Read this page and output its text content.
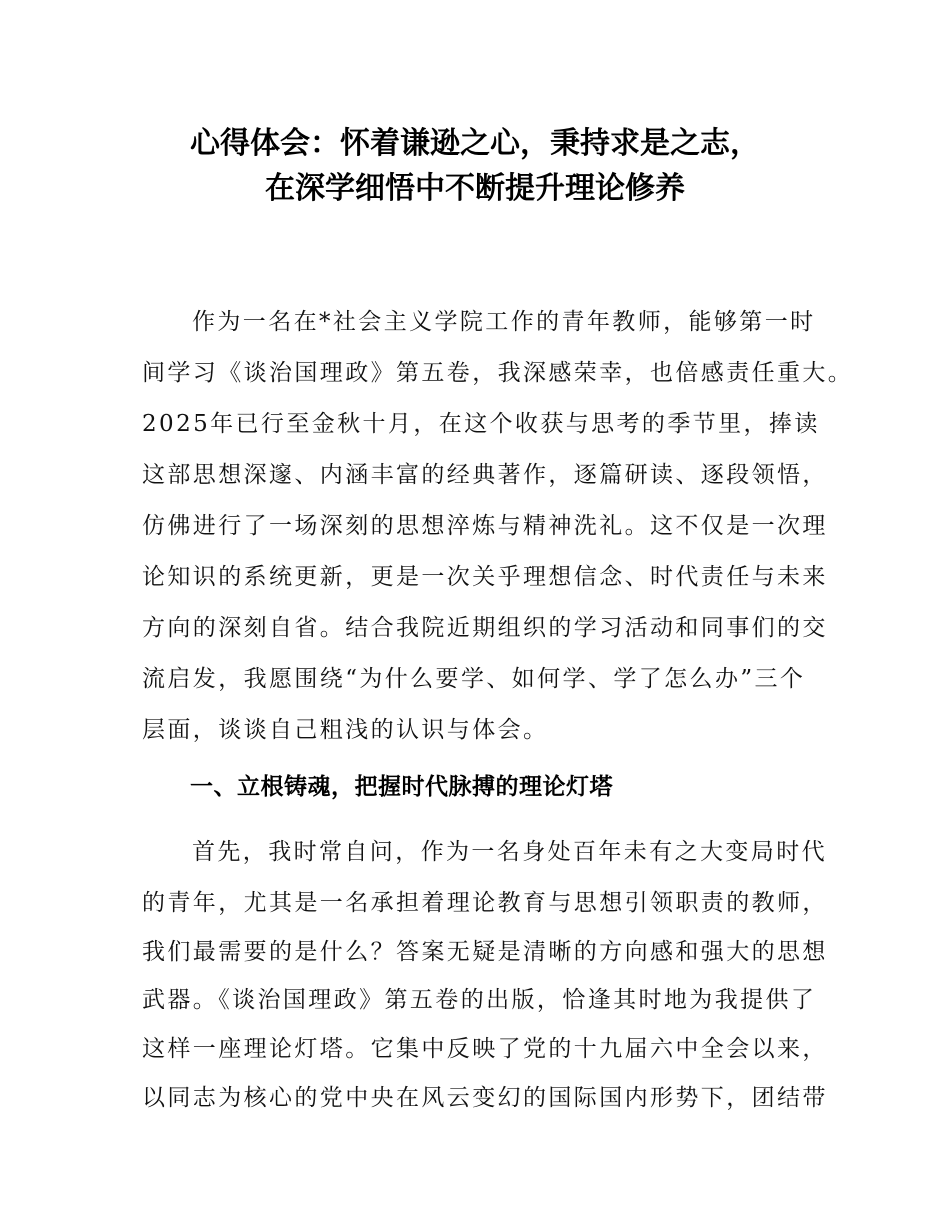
心得体会：怀着谦逊之心，秉持求是之志，
在深学细悟中不断提升理论修养
作为一名在*社会主义学院工作的青年教师，能够第一时
间学习《谈治国理政》第五卷，我深感荣幸，也倍感责任重大。
2025年已行至金秋十月，在这个收获与思考的季节里，捧读
这部思想深邃、内涵丰富的经典著作，逐篇研读、逐段领悟，
仿佛进行了一场深刻的思想淬炼与精神洗礼。这不仅是一次理
论知识的系统更新，更是一次关乎理想信念、时代责任与未来
方向的深刻自省。结合我院近期组织的学习活动和同事们的交
流启发，我愿围绕“为什么要学、如何学、学了怎么办”三个
层面，谈谈自己粗浅的认识与体会。
一、立根铸魂，把握时代脉搏的理论灯塔
首先，我时常自问，作为一名身处百年未有之大变局时代
的青年，尤其是一名承担着理论教育与思想引领职责的教师，
我们最需要的是什么？答案无疑是清晰的方向感和强大的思想
武器。《谈治国理政》第五卷的出版，恰逢其时地为我提供了
这样一座理论灯塔。它集中反映了党的十九届六中全会以来，
以同志为核心的党中央在风云变幻的国际国内形势下，团结带
